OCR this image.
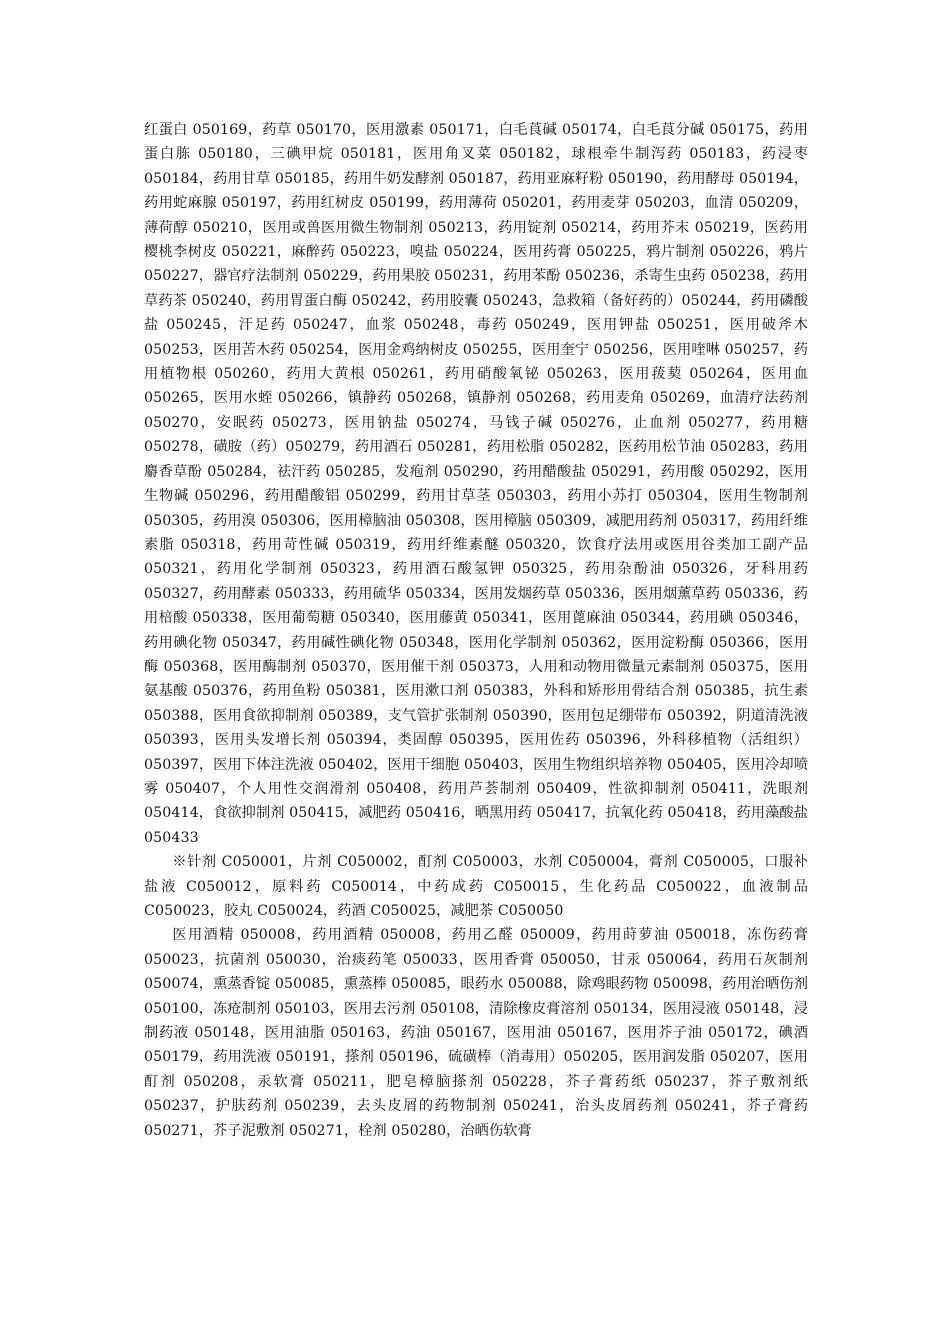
红蛋白 050169，药草 050170，医用激素 050171，白毛莨碱 050174，白毛莨分碱 050175，药用蛋白胨 050180，三碘甲烷 050181，医用角叉菜 050182，球根牵牛制泻药 050183，药浸枣 050184，药用甘草 050185，药用牛奶发酵剂 050187，药用亚麻籽粉 050190，药用酵母 050194，药用蛇麻腺 050197，药用红树皮 050199，药用薄荷 050201，药用麦芽 050203，血清 050209，薄荷醇 050210，医用或兽医用微生物制剂 050213，药用锭剂 050214，药用芥末 050219，医药用樱桃李树皮 050221，麻醉药 050223，嗅盐 050224，医用药膏 050225，鸦片制剂 050226，鸦片 050227，器官疗法制剂 050229，药用果胶 050231，药用苯酚 050236，杀寄生虫药 050238，药用草药茶 050240，药用胃蛋白酶 050242，药用胶囊 050243，急救箱（备好药的）050244，药用磷酸盐 050245，汗足药 050247，血浆 050248，毒药 050249，医用钾盐 050251，医用破斧木 050253，医用苦木药 050254，医用金鸡纳树皮 050255，医用奎宁 050256，医用喹啉 050257，药用植物根 050260，药用大黄根 050261，药用硝酸氧铋 050263，医用菝葜 050264，医用血 050265，医用水蛭 050266，镇静药 050268，镇静剂 050268，药用麦角 050269，血清疗法药剂 050270，安眠药 050273，医用钠盐 050274，马钱子碱 050276，止血剂 050277，药用糖 050278，磺胺（药）050279，药用酒石 050281，药用松脂 050282，医药用松节油 050283，药用麝香草酚 050284，祛汗药 050285，发疱剂 050290，药用醋酸盐 050291，药用酸 050292，医用生物碱 050296，药用醋酸铝 050299，药用甘草茎 050303，药用小苏打 050304，医用生物制剂 050305，药用溴 050306，医用樟脑油 050308，医用樟脑 050309，减肥用药剂 050317，药用纤维素脂 050318，药用苛性碱 050319，药用纤维素醚 050320，饮食疗法用或医用谷类加工副产品 050321，药用化学制剂 050323，药用酒石酸氢钾 050325，药用杂酚油 050326，牙科用药 050327，药用酵素 050333，药用硫华 050334，医用发烟药草 050336，医用烟薰草药 050336，药用棓酸 050338，医用葡萄糖 050340，医用藤黄 050341，医用蓖麻油 050344，药用碘 050346，药用碘化物 050347，药用碱性碘化物 050348，医用化学制剂 050362，医用淀粉酶 050366，医用酶 050368，医用酶制剂 050370，医用催干剂 050373，人用和动物用微量元素制剂 050375，医用氨基酸 050376，药用鱼粉 050381，医用漱口剂 050383，外科和矫形用骨结合剂 050385，抗生素 050388，医用食欲抑制剂 050389，支气管扩张制剂 050390，医用包足绷带布 050392，阴道清洗液 050393，医用头发增长剂 050394，类固醇 050395，医用佐药 050396，外科移植物（活组织）050397，医用下体注洗液 050402，医用干细胞 050403，医用生物组织培养物 050405，医用冷却喷雾 050407，个人用性交润滑剂 050408，药用芦荟制剂 050409，性欲抑制剂 050411，洗眼剂 050414，食欲抑制剂 050415，减肥药 050416，晒黑用药 050417，抗氧化药 050418，药用藻酸盐 050433

※针剂 C050001，片剂 C050002，酊剂 C050003，水剂 C050004，膏剂 C050005，口服补盐液 C050012，原料药 C050014，中药成药 C050015，生化药品 C050022，血液制品 C050023，胶丸 C050024，药酒 C050025，减肥茶 C050050

医用酒精 050008，药用酒精 050008，药用乙醛 050009，药用莳萝油 050018，冻伤药膏 050023，抗菌剂 050030，治痰药笔 050033，医用香膏 050050，甘汞 050064，药用石灰制剂 050074，熏蒸香锭 050085，熏蒸棒 050085，眼药水 050088，除鸡眼药物 050098，药用治晒伤剂 050100，冻疮制剂 050103，医用去污剂 050108，清除橡皮膏溶剂 050134，医用浸液 050148，浸制药液 050148，医用油脂 050163，药油 050167，医用油 050167，医用芥子油 050172，碘酒 050179，药用洗液 050191，搽剂 050196，硫磺棒（消毒用）050205，医用润发脂 050207，医用酊剂 050208，汞软膏 050211，肥皂樟脑搽剂 050228，芥子膏药纸 050237，芥子敷剂纸 050237，护肤药剂 050239，去头皮屑的药物制剂 050241，治头皮屑药剂 050241，芥子膏药 050271，芥子泥敷剂 050271，栓剂 050280，治晒伤软膏
